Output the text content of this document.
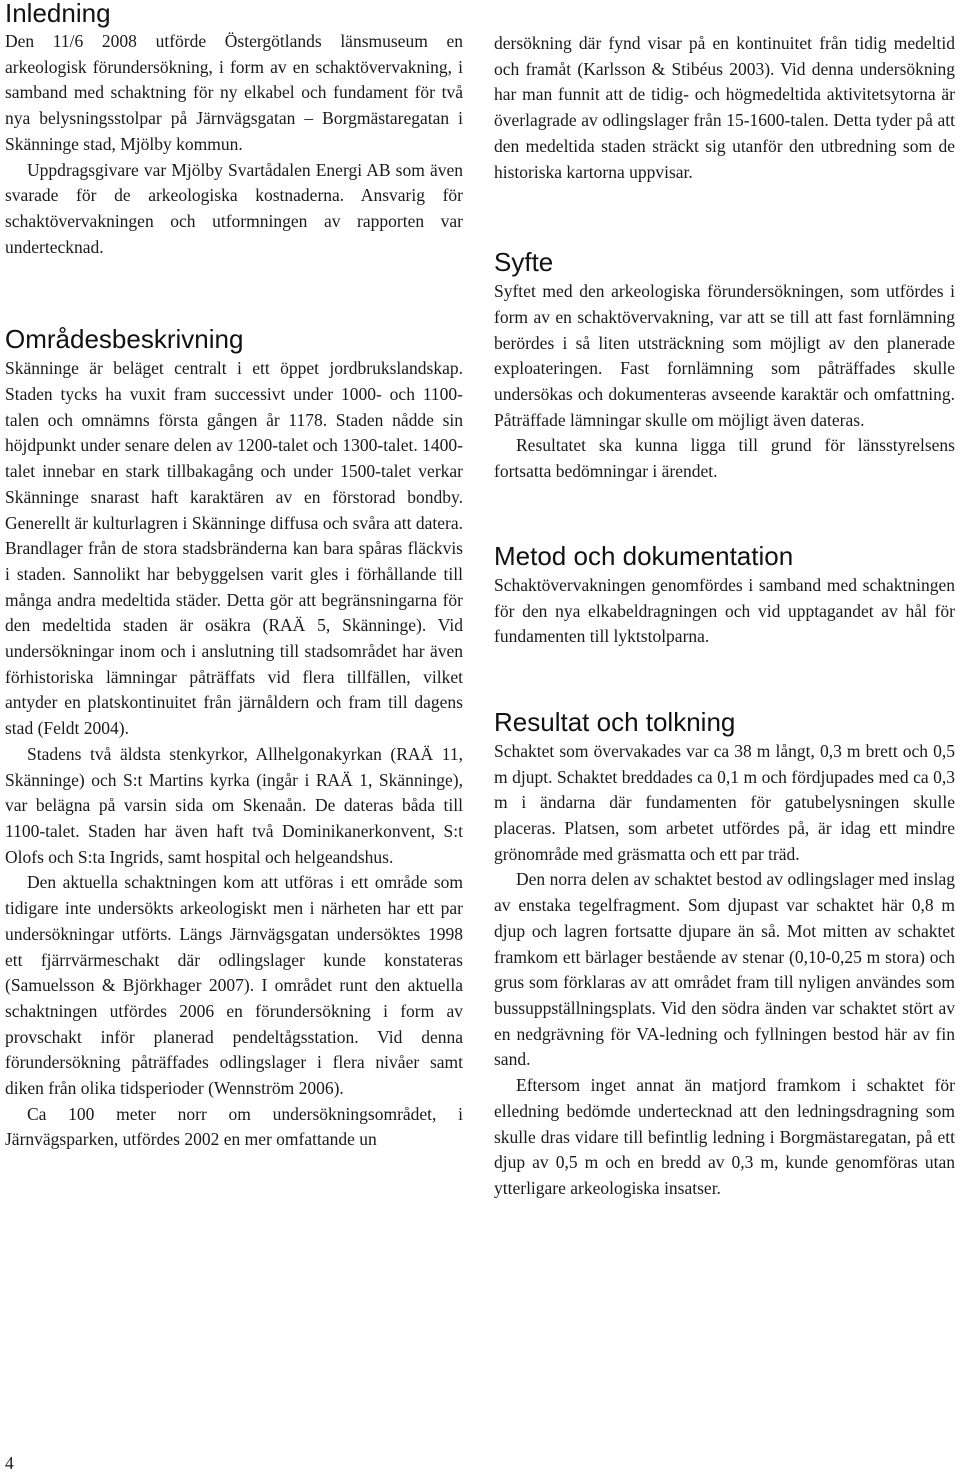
Inledning

Den 11/6 2008 utförde Östergötlands länsmuseum en arkeologisk förundersökning, i form av en schaktövervakning, i samband med schaktning för ny elkabel och fundament för två nya belysningsstolpar på Järnvägsgatan – Borgmästaregatan i Skänninge stad, Mjölby kommun.

Uppdragsgivare var Mjölby Svartådalen Energi AB som även svarade för de arkeologiska kostnaderna. Ansvarig för schaktövervakningen och utformningen av rapporten var undertecknad.

Områdesbeskrivning

Skänninge är beläget centralt i ett öppet jordbrukslandskap. Staden tycks ha vuxit fram successivt under 1000- och 1100-talen och omnämns första gången år 1178. Staden nådde sin höjdpunkt under senare delen av 1200-talet och 1300-talet. 1400-talet innebar en stark tillbakagång och under 1500-talet verkar Skänninge snarast haft karaktären av en förstorad bondby. Generellt är kulturlagren i Skänninge diffusa och svåra att datera. Brandlager från de stora stadsbränderna kan bara spåras fläckvis i staden. Sannolikt har bebyggelsen varit gles i förhållande till många andra medeltida städer. Detta gör att begränsningarna för den medeltida staden är osäkra (RAÄ 5, Skänninge). Vid undersökningar inom och i anslutning till stadsområdet har även förhistoriska lämningar påträffats vid flera tillfällen, vilket antyder en platskontinuitet från järnåldern och fram till dagens stad (Feldt 2004).

Stadens två äldsta stenkyrkor, Allhelgonakyrkan (RAÄ 11, Skänninge) och S:t Martins kyrka (ingår i RAÄ 1, Skänninge), var belägna på varsin sida om Skenaån. De dateras båda till 1100-talet. Staden har även haft två Dominikanerkonvent, S:t Olofs och S:ta Ingrids, samt hospital och helgeandshus.

Den aktuella schaktningen kom att utföras i ett område som tidigare inte undersökts arkeologiskt men i närheten har ett par undersökningar utförts. Längs Järnvägsgatan undersöktes 1998 ett fjärrvärmeschakt där odlingslager kunde konstateras (Samuelsson & Björkhager 2007). I området runt den aktuella schaktningen utfördes 2006 en förundersökning i form av provschakt inför planerad pendeltågsstation. Vid denna förundersökning påträffades odlingslager i flera nivåer samt diken från olika tidsperioder (Wennström 2006).

Ca 100 meter norr om undersökningsområdet, i Järnvägsparken, utfördes 2002 en mer omfattande un

dersökning där fynd visar på en kontinuitet från tidig medeltid och framåt (Karlsson & Stibéus 2003). Vid denna undersökning har man funnit att de tidig- och högmedeltida aktivitetsytorna är överlagrade av odlingslager från 15-1600-talen. Detta tyder på att den medeltida staden sträckt sig utanför den utbredning som de historiska kartorna uppvisar.

Syfte

Syftet med den arkeologiska förundersökningen, som utfördes i form av en schaktövervakning, var att se till att fast fornlämning berördes i så liten utsträckning som möjligt av den planerade exploateringen. Fast fornlämning som påträffades skulle undersökas och dokumenteras avseende karaktär och omfattning. Påträffade lämningar skulle om möjligt även dateras.

Resultatet ska kunna ligga till grund för länsstyrelsens fortsatta bedömningar i ärendet.

Metod och dokumentation

Schaktövervakningen genomfördes i samband med schaktningen för den nya elkabeldragningen och vid upptagandet av hål för fundamenten till lyktstolparna.

Resultat och tolkning

Schaktet som övervakades var ca 38 m långt, 0,3 m brett och 0,5 m djupt. Schaktet breddades ca 0,1 m och fördjupades med ca 0,3 m i ändarna där fundamenten för gatubelysningen skulle placeras. Platsen, som arbetet utfördes på, är idag ett mindre grönområde med gräsmatta och ett par träd.

Den norra delen av schaktet bestod av odlingslager med inslag av enstaka tegelfragment. Som djupast var schaktet här 0,8 m djup och lagren fortsatte djupare än så. Mot mitten av schaktet framkom ett bärlager bestående av stenar (0,10-0,25 m stora) och grus som förklaras av att området fram till nyligen användes som bussuppställningsplats. Vid den södra änden var schaktet stört av en nedgrävning för VA-ledning och fyllningen bestod här av fin sand.

Eftersom inget annat än matjord framkom i schaktet för elledning bedömde undertecknad att den ledningsdragning som skulle dras vidare till befintlig ledning i Borgmästaregatan, på ett djup av 0,5 m och en bredd av 0,3 m, kunde genomföras utan ytterligare arkeologiska insatser.

4
